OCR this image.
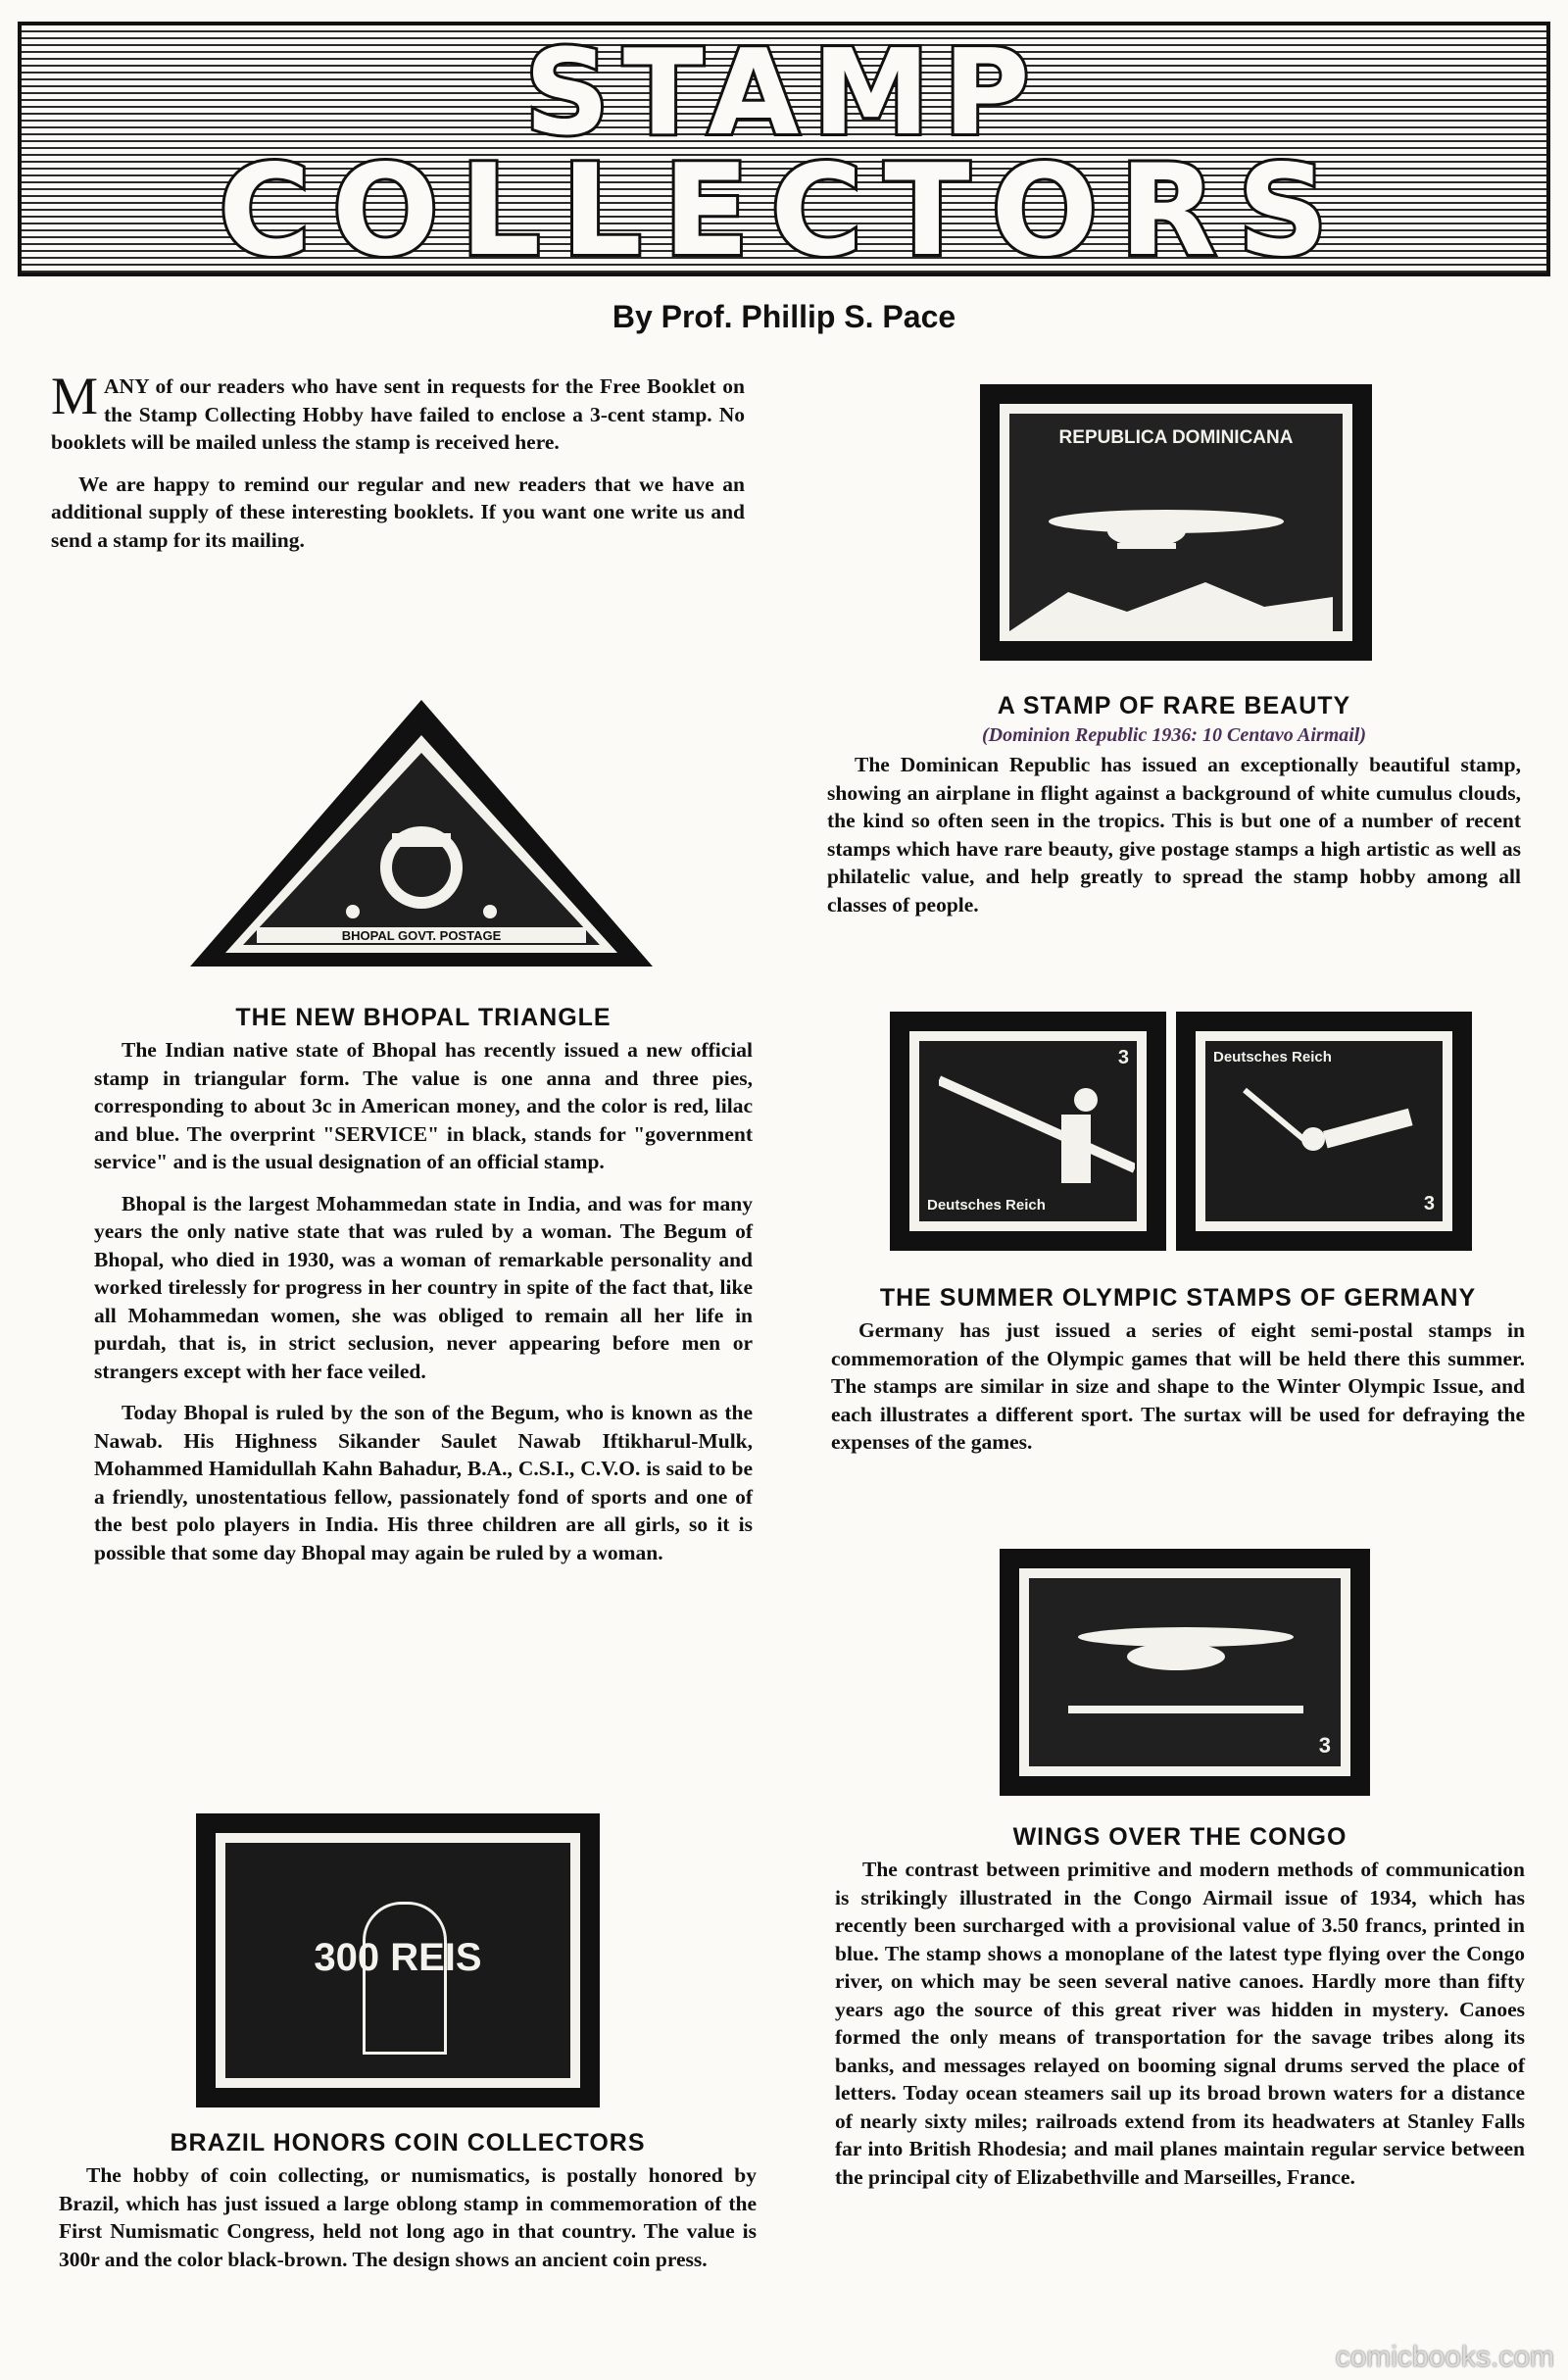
STAMP
COLLECTORS
By Prof. Phillip S. Pace

MANY of our readers who have sent in requests for the Free Booklet on the Stamp Collecting Hobby have failed to enclose a 3-cent stamp. No booklets will be mailed unless the stamp is received here.

We are happy to remind our regular and new readers that we have an additional supply of these interesting booklets. If you want one write us and send a stamp for its mailing.

BHOPAL GOVT. POSTAGE
THE NEW BHOPAL TRIANGLE

The Indian native state of Bhopal has recently issued a new official stamp in triangular form. The value is one anna and three pies, corresponding to about 3c in American money, and the color is red, lilac and blue. The overprint "SERVICE" in black, stands for "government service" and is the usual designation of an official stamp.

Bhopal is the largest Mohammedan state in India, and was for many years the only native state that was ruled by a woman. The Begum of Bhopal, who died in 1930, was a woman of remarkable personality and worked tirelessly for progress in her country in spite of the fact that, like all Mohammedan women, she was obliged to remain all her life in purdah, that is, in strict seclusion, never appearing before men or strangers except with her face veiled.

Today Bhopal is ruled by the son of the Begum, who is known as the Nawab. His Highness Sikander Saulet Nawab Iftikharul-Mulk, Mohammed Hamidullah Kahn Bahadur, B.A., C.S.I., C.V.O. is said to be a friendly, unostentatious fellow, passionately fond of sports and one of the best polo players in India. His three children are all girls, so it is possible that some day Bhopal may again be ruled by a woman.

300 REIS
BRAZIL HONORS COIN COLLECTORS

The hobby of coin collecting, or numismatics, is postally honored by Brazil, which has just issued a large oblong stamp in commemoration of the First Numismatic Congress, held not long ago in that country. The value is 300r and the color black-brown. The design shows an ancient coin press.

REPUBLICA DOMINICANA
10
A STAMP OF RARE BEAUTY
(Dominion Republic 1936: 10 Centavo Airmail)

The Dominican Republic has issued an exceptionally beautiful stamp, showing an airplane in flight against a background of white cumulus clouds, the kind so often seen in the tropics. This is but one of a number of recent stamps which have rare beauty, give postage stamps a high artistic as well as philatelic value, and help greatly to spread the stamp hobby among all classes of people.

Deutsches Reich
3	Deutsches Reich
3
THE SUMMER OLYMPIC STAMPS OF GERMANY

Germany has just issued a series of eight semi-postal stamps in commemoration of the Olympic games that will be held there this summer. The stamps are similar in size and shape to the Winter Olympic Issue, and each illustrates a different sport. The surtax will be used for defraying the expenses of the games.

3
WINGS OVER THE CONGO

The contrast between primitive and modern methods of communication is strikingly illustrated in the Congo Airmail issue of 1934, which has recently been surcharged with a provisional value of 3.50 francs, printed in blue. The stamp shows a monoplane of the latest type flying over the Congo river, on which may be seen several native canoes. Hardly more than fifty years ago the source of this great river was hidden in mystery. Canoes formed the only means of transportation for the savage tribes along its banks, and messages relayed on booming signal drums served the place of letters. Today ocean steamers sail up its broad brown waters for a distance of nearly sixty miles; railroads extend from its headwaters at Stanley Falls far into British Rhodesia; and mail planes maintain regular service between the principal city of Elizabethville and Marseilles, France.

comicbooks.com
